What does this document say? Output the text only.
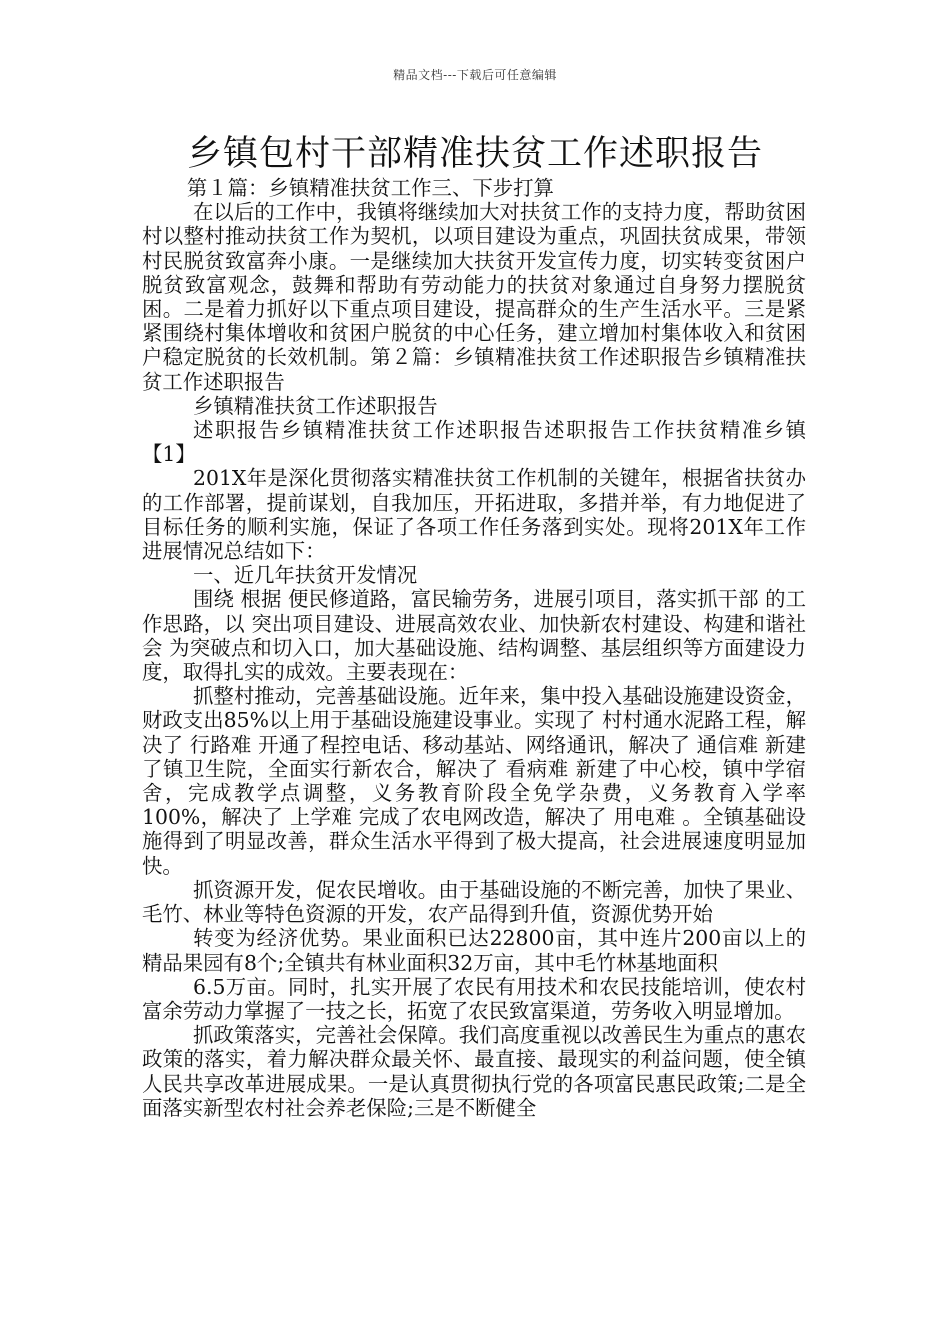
精品文档---下载后可任意编辑
乡镇包村干部精准扶贫工作述职报告

第１篇：乡镇精准扶贫工作三、下步打算

在以后的工作中，我镇将继续加大对扶贫工作的支持力度，帮助贫困村以整村推动扶贫工作为契机，以项目建设为重点，巩固扶贫成果，带领村民脱贫致富奔小康。一是继续加大扶贫开发宣传力度，切实转变贫困户脱贫致富观念，鼓舞和帮助有劳动能力的扶贫对象通过自身努力摆脱贫困。二是着力抓好以下重点项目建设，提高群众的生产生活水平。三是紧紧围绕村集体增收和贫困户脱贫的中心任务，建立增加村集体收入和贫困户稳定脱贫的长效机制。第２篇：乡镇精准扶贫工作述职报告乡镇精准扶贫工作述职报告

乡镇精准扶贫工作述职报告

述职报告乡镇精准扶贫工作述职报告述职报告工作扶贫精准乡镇 【1】

201X年是深化贯彻落实精准扶贫工作机制的关键年，根据省扶贫办的工作部署，提前谋划，自我加压，开拓进取，多措并举，有力地促进了目标任务的顺利实施，保证了各项工作任务落到实处。现将201X年工作进展情况总结如下：

一、近几年扶贫开发情况

围绕 根据 便民修道路，富民输劳务，进展引项目，落实抓干部 的工作思路，以 突出项目建设、进展高效农业、加快新农村建设、构建和谐社会 为突破点和切入口，加大基础设施、结构调整、基层组织等方面建设力度，取得扎实的成效。主要表现在：

抓整村推动，完善基础设施。近年来，集中投入基础设施建设资金，财政支出85%以上用于基础设施建设事业。实现了 村村通水泥路工程，解决了 行路难 开通了程控电话、移动基站、网络通讯，解决了 通信难 新建了镇卫生院，全面实行新农合，解决了 看病难 新建了中心校，镇中学宿舍，完成教学点调整，义务教育阶段全免学杂费，义务教育入学率100%，解决了 上学难 完成了农电网改造，解决了 用电难 。全镇基础设施得到了明显改善，群众生活水平得到了极大提高，社会进展速度明显加快。

抓资源开发，促农民增收。由于基础设施的不断完善，加快了果业、毛竹、林业等特色资源的开发，农产品得到升值，资源优势开始

转变为经济优势。果业面积已达22800亩，其中连片200亩以上的精品果园有8个;全镇共有林业面积32万亩，其中毛竹林基地面积

6.5万亩。同时，扎实开展了农民有用技术和农民技能培训，使农村富余劳动力掌握了一技之长，拓宽了农民致富渠道，劳务收入明显增加。

抓政策落实，完善社会保障。我们高度重视以改善民生为重点的惠农政策的落实，着力解决群众最关怀、最直接、最现实的利益问题，使全镇人民共享改革进展成果。一是认真贯彻执行党的各项富民惠民政策;二是全面落实新型农村社会养老保险;三是不断健全
